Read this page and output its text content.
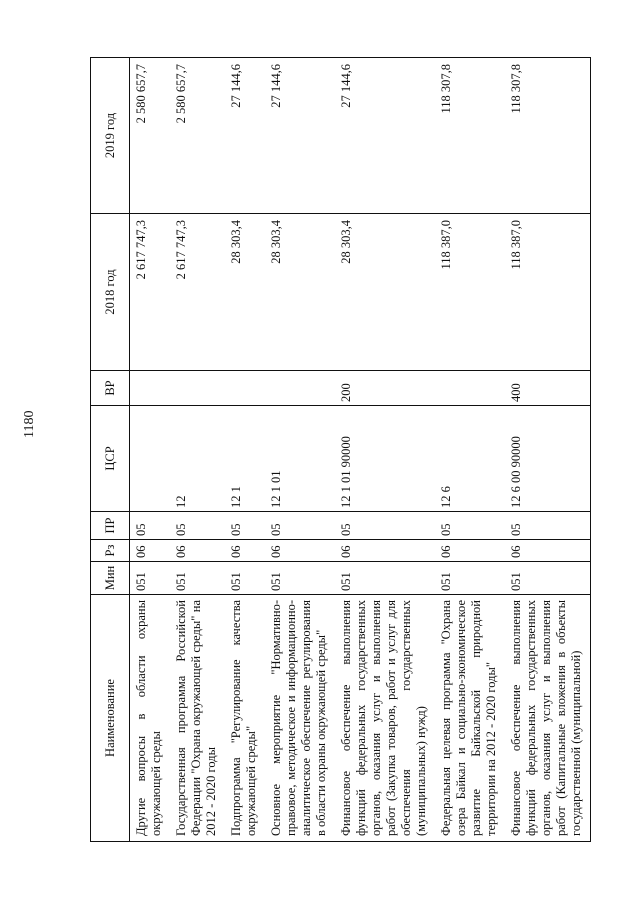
1180
Наименование	Мин	Рз	ПР	ЦСР	ВР	2018 год	2019 год
Другие вопросы в области охраны окружающей среды	051	06	05			2 617 747,3	2 580 657,7
Государственная программа Российской Федерации "Охрана окружающей среды" на 2012 - 2020 годы	051	06	05	12		2 617 747,3	2 580 657,7
Подпрограмма "Регулирование качества окружающей среды"	051	06	05	12 1		28 303,4	27 144,6
Основное мероприятие "Нормативно-правовое, методическое и информационно-аналитическое обеспечение регулирования в области охраны окружающей среды"	051	06	05	12 1 01		28 303,4	27 144,6
Финансовое обеспечение выполнения функций федеральных государственных органов, оказания услуг и выполнения работ (Закупка товаров, работ и услуг для обеспечения государственных (муниципальных) нужд)	051	06	05	12 1 01 90000	200	28 303,4	27 144,6
Федеральная целевая программа "Охрана озера Байкал и социально-экономическое развитие Байкальской природной территории на 2012 - 2020 годы"	051	06	05	12 6		118 387,0	118 307,8
Финансовое обеспечение выполнения функций федеральных государственных органов, оказания услуг и выполнения работ (Капитальные вложения в объекты государственной (муниципальной)	051	06	05	12 6 00 90000	400	118 387,0	118 307,8
